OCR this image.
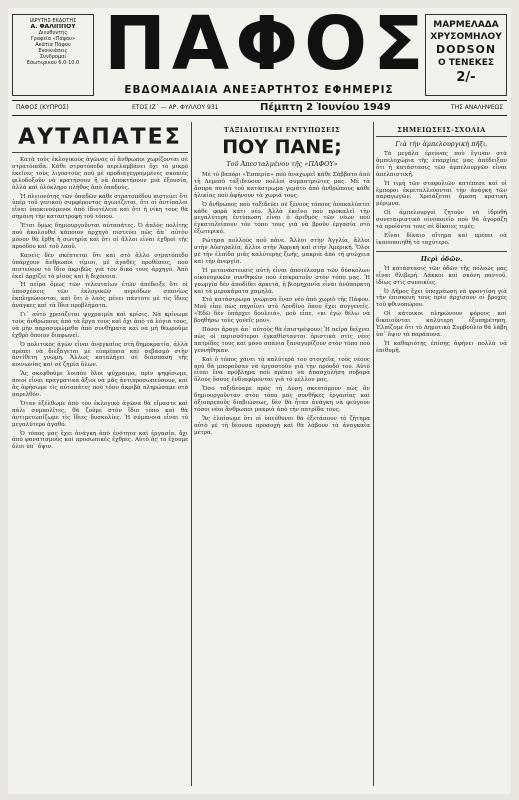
ΙΔΡΥΤΗΣ-ΕΚΔΟΤΗΣ
Α. ΦΑΛΙΠΠΟΥ
Διευθυντής
Γραφεία «Πάφου»
Ακάτια Πάφου
Ενοικιάσεις
Συνδρομαί
Εσωτερικού 6.0-10.0 ΠΑΦΟΣ
ΕΒΔΟΜΑΔΙΑΙΑ ΑΝΕΞΑΡΤΗΤΟΣ ΕΦΗΜΕΡΙΣ
ΜΑΡΜΕΛΑΔΑ
ΧΡΥΣΟΜΗΛΟΥ
DODSON
Ο ΤΕΝΕΚΕΣ
2/-
ΠΑΦΟΣ (ΚΥΠΡΟΣ)	ΕΤΟΣ ΙΖ΄ — ΑΡ. ΦΥΛΛΟΥ 931	Πέμπτη 2 Ἰουνίου 1949	ΤΗΣ ΑΝΑΛΗΨΕΩΣ
ΑΥΤΑΠΑΤΕΣ

Κατὰ τοὺς ἑκλογικοὺς ἀγῶνας οἱ ἄνθρωποι χωρίζονται σὲ στρατόπεδα. Κάθε στρατόπεδο περιλαμβάνει ὄχι τὸ μικρὸ ἐκεῖνες τοὺς λιγοστοὺς ποὺ μὲ προδιαγεγραμμένες σκοπιές φιλοδοξοῦν νὰ κρατήσουν ἢ νὰ ἀποκτήσουν μιὰ ἐξουσία, ἀλλὰ καὶ ὁλόκληρο πλῆθος ἀπὸ ὁπαδούς.

Ἡ πλειονότης τῶν ὁπαδῶν κάθε στρατοπέδου πιστεύει ὅτι ὑπὲρ τοῦ γενικοῦ συμφέροντος ἀγωνίζεται, ὅτι οἱ ἀντίπαλοι εἶναι ὑποκινούμενοι ἀπὸ ἰδιοτέλεια καὶ ὅτι ἡ νίκη τους θὰ σημάνη τὴν καταστροφὴ τοῦ τόπου.

Ἔτσι ὅμως δημιουργοῦνται αὐταπάτες. Ὁ ἀπλὸς πολίτης ποὺ ἀκολουθεῖ κάποιον ἀρχηγὸ πιστεύει πὼς ἀπ᾿ αὐτὸν μόνον θὰ ἔρθη ἡ σωτηρία καὶ ὅτι οἱ ἄλλοι εἶναι ἐχθροὶ τῆς προόδου καὶ τοῦ λαοῦ.

Κανεὶς δὲν σκέπτεται ὅτι καὶ στὸ ἄλλο στρατόπεδο ὑπάρχουν ἄνθρωποι τίμιοι, μὲ ἀγαθὲς προθέσεις, ποὺ πιστεύουν τὸ ἴδιο ἀκριβῶς γιὰ τὸν δικό τους ἀρχηγό. Ἀπὸ ἐκεῖ ἀρχίζει τὸ μῖσος καὶ ἡ διχόνοια.

Ἡ πεῖρα ὅμως τῶν τελευταίων ἐτῶν ἀπέδειξε ὅτι οἱ ὑποσχέσεις τῶν ἐκλογικῶν περιόδων σπανίως ἐκπληρώνονται, καὶ ὅτι ὁ λαὸς μένει πάντοτε μὲ τὶς ἴδιες ἀνάγκες καὶ τὰ ἴδια προβλήματα.

Γι᾿ αὐτὸ χρειάζεται ψυχραιμία καὶ κρίσις. Νὰ κρίνωμε τοὺς ἀνθρώπους ἀπὸ τὰ ἔργα τους καὶ ὄχι ἀπὸ τὰ λόγια τους, νὰ μὴν παρασυρώμεθα ἀπὸ συνθήματα καὶ νὰ μὴ θεωροῦμε ἐχθρὸ ὅποιον διαφωνεῖ.

Ὁ πολιτικὸς ἀγὼν εἶναι ἀναγκαῖος στὴ δημοκρατία, ἀλλὰ πρέπει νὰ διεξάγεται μὲ εὐπρέπεια καὶ σεβασμὸ στὴν ἀντίθετη γνώμη. Ἄλλως καταλήγει σὲ διάσπαση τῆς κοινωνίας καὶ σὲ ζημία ὅλων.

Ἂς σκεφθοῦμε λοιπὸν ὅλοι ψύχραιμα, πρὶν ψηφίσωμε, ποιοὶ εἶναι πραγματικὰ ἄξιοι νὰ μᾶς ἀντιπροσωπεύσουν, καὶ ἂς ἀφήσωμε τὶς αὐταπάτες ποὺ τόσο ἀκριβὰ πληρώσαμε στὸ παρελθόν.

Ὅταν ἐξέλθωμε ἀπὸ τὸν ἐκλογικὸ ἀγῶνα θὰ εἴμαστε καὶ πάλι συμπολῖτες, θὰ ζοῦμε στὸν ἴδιο τόπο καὶ θὰ ἀντιμετωπίζωμε τὶς ἴδιες δυσκολίες. Ἡ σύμπνοια εἶναι τὸ μεγαλύτερο ἀγαθό.

Ὁ τόπος μας ἔχει ἀνάγκη ἀπὸ ἑνότητα καὶ ἐργασία, ὄχι ἀπὸ φανατισμοὺς καὶ προσωπικὲς ἔχθρες. Αὐτὸ ἂς τὸ ἔχουμε ὅλοι ὑπ᾿ ὄψιν.

ΤΑΞΙΔΙΩΤΙΚΑΙ ΕΝΤΥΠΩΣΕΙΣ
ΠΟΥ ΠΑΝΕ;
Τοῦ Ἀπεσταλμένου τῆς «ΠΑΦΟΥ»

Μὲ τὸ βαπόρι «Ἑσπερία» ποὺ ἀναχωρεῖ κάθε Σάββατο ἀπὸ τὴ Λεμεσὸ ταξιδεύουν πολλοὶ συμπατριῶτες μας. Μὲ τὰ ἄσπρα πανιὰ τοῦ κατάστρωμα γεμάτο ἀπὸ ἀνθρώπους κάθε ἡλικίας ποὺ ἀφήνουν τὰ χωριά τους.

Ὁ ἄνθρωπος ποὺ ταξιδεύει σὲ ξένους τόπους ἀνακαλύπτει κάθε φορὰ κάτι νέο. Ἀλλὰ ἐκεῖνο ποὺ προκαλεῖ τὴν μεγαλύτερη ἐντύπωση εἶναι ὁ ἀριθμὸς τῶν νέων ποὺ ἐγκαταλείπουν τὸν τόπο τους γιὰ νὰ βροῦν ἐργασία στὸ ἐξωτερικό.

Ρώτησα πολλοὺς ποῦ πᾶνε. Ἄλλοι στὴν Ἀγγλία, ἄλλοι στὴν Αὐστραλία, ἄλλοι στὴν Ἀφρική καὶ στὴν Ἀμερική. Ὅλοι μὲ τὴν ἐλπίδα μιᾶς καλύτερης ζωῆς, μακριὰ ἀπὸ τὴ φτώχεια καὶ τὴν ἀνεργία.

Ἡ μετανάστευσις αὐτὴ εἶναι ἀποτέλεσμα τῶν δύσκολων οἰκονομικῶν συνθηκῶν ποὺ ἐπικρατοῦν στὸν τόπο μας. Ἡ γεωργία δὲν ἀποδίδει ἀρκετά, ἡ βιομηχανία εἶναι ἀνύπαρκτη καὶ τὰ μεροκάματα χαμηλά.

Στὸ κατάστρωμα γνώρισα ἕναν νέο ἀπὸ χωριὸ τῆς Πάφου. Μοῦ εἶπε πὼς πηγαίνει στὸ Λονδῖνο ὅπου ἔχει συγγενεῖς. «Ἐδῶ δὲν ὑπάρχει δουλειά», μοῦ εἶπε, «κι ἐγὼ θέλω νὰ βοηθήσω τοὺς γονεῖς μου».

Πόσοι ἄραγε ἀπ᾿ αὐτοὺς θὰ ἐπιστρέψουν; Ἡ πεῖρα δείχνει πὼς οἱ περισσότεροι ἐγκαθίστανται ὁριστικὰ στὶς νέες πατρίδες τους καὶ μόνο σπάνια ξαναγυρίζουν στὸν τόπο ποὺ γεννήθηκαν.

Καὶ ὁ τόπος χάνει τὰ καλύτερά του στοιχεῖα, τοὺς νέους ποὺ θὰ μποροῦσαν νὰ ἐργαστοῦν γιὰ τὴν πρόοδό του. Αὐτὸ εἶναι ἕνα πρόβλημα ποὺ πρέπει νὰ ἀπασχολήση σοβαρὰ ὅλους ὅσους ἐνδιαφέρονται γιὰ τὸ μέλλον μας.

Ὅσο ταξιδεύαμε πρὸς τὴ Δύση σκεπτόμουν πὼς ἂν δημιουργοῦνταν στὸν τόπο μας συνθῆκες ἐργασίας καὶ ἀξιοπρεποῦς διαβιώσεως, δὲν θὰ ἦταν ἀνάγκη νὰ φεύγουν τόσοι νέοι ἄνθρωποι μακριὰ ἀπὸ τὴν πατρίδα τους.

Ἂς ἐλπίσωμε ὅτι οἱ ὑπεύθυνοι θὰ ἐξετάσουν τὸ ζήτημα αὐτὸ μὲ τὴ δέουσα προσοχὴ καὶ θὰ λάβουν τὰ ἀναγκαῖα μέτρα.

ΣΗΜΕΙΩΣΕΙΣ-ΣΧΟΛΙΑ
Γιὰ τὴν ἀμπελουργικὴ πῆξι.

Τὰ μεγάλα ἐρεύνας ποὺ ἔγιναν στὰ ἀμπελοχώρια τῆς ἐπαρχίας μας ἀπέδειξαν ὅτι ἡ κατάστασις τῶν ἀμπελουργῶν εἶναι ἀπελπιστική.

Ἡ τιμὴ τῶν σταφυλιῶν κατέπεσε καὶ οἱ ἔμποροι ἐκμεταλλεύονται τὴν ἀνάγκη τῶν παραγωγῶν. Χρειάζεται ἄμεση κρατικὴ μέριμνα.

Οἱ ἀμπελουργοὶ ζητοῦν νὰ ἱδρυθῆ συνεταιριστικὸ οἰνοποιεῖο ποὺ θὰ ἀγοράζη τὰ προϊόντα τους σὲ δίκαιες τιμές.

Εἶναι δίκαιο αἴτημα καὶ πρέπει νὰ ἱκανοποιηθῆ τὸ ταχύτερο.

Περὶ ὁδῶν.

Ἡ κατάστασις τῶν ὁδῶν τῆς πόλεώς μας εἶναι θλιβερή. Λάκκοι καὶ σκόνη παντοῦ, ἰδίως στὶς συνοικίες.

Ὁ Δῆμος ἔχει ὑποχρέωση νὰ φροντίση γιὰ τὴν ἐπισκευὴ τους πρὶν ἀρχίσουν οἱ βροχές τοῦ φθινοπώρου.

Οἱ κάτοικοι πληρώνουν φόρους καὶ δικαιοῦνται καλύτερη ἐξυπηρέτηση. Ἐλπίζομε ὅτι τὸ Δημοτικὸ Συμβούλιο θὰ λάβη ὑπ᾿ ὄψιν τὰ παράπονα.

Ἡ καθαριότης ἐπίσης ἀφήνει πολλὰ νὰ ἐπιθυμῆ.
